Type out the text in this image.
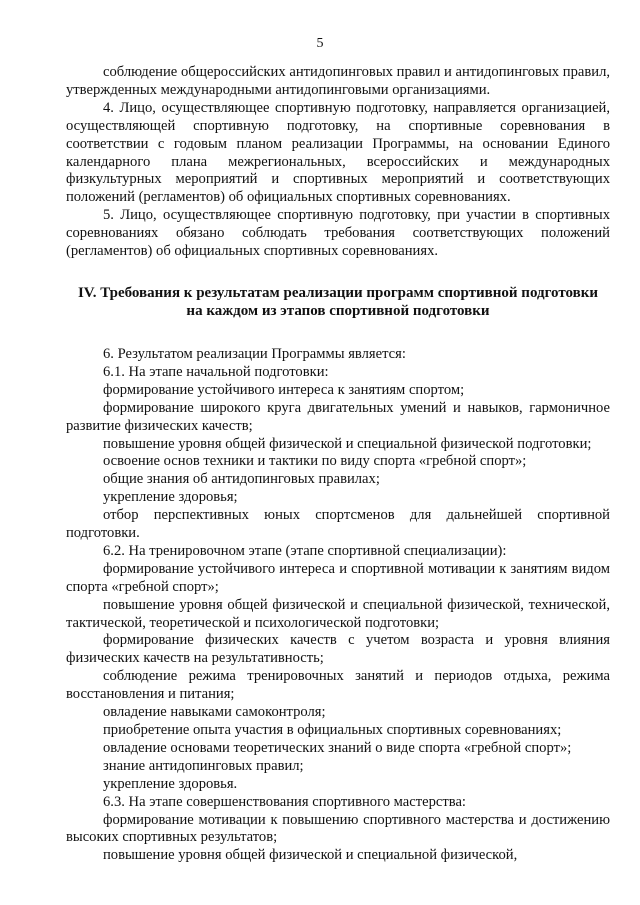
5

соблюдение общероссийских антидопинговых правил и антидопинговых правил, утвержденных международными антидопинговыми организациями.

4. Лицо, осуществляющее спортивную подготовку, направляется организацией, осуществляющей спортивную подготовку, на спортивные соревнования в соответствии с годовым планом реализации Программы, на основании Единого календарного плана межрегиональных, всероссийских и международных физкультурных мероприятий и спортивных мероприятий и соответствующих положений (регламентов) об официальных спортивных соревнованиях.

5. Лицо, осуществляющее спортивную подготовку, при участии в спортивных соревнованиях обязано соблюдать требования соответствующих положений (регламентов) об официальных спортивных соревнованиях.

IV. Требования к результатам реализации программ спортивной подготовки
на каждом из этапов спортивной подготовки

6. Результатом реализации Программы является:

6.1. На этапе начальной подготовки:

формирование устойчивого интереса к занятиям спортом;

формирование широкого круга двигательных умений и навыков, гармоничное развитие физических качеств;

повышение уровня общей физической и специальной физической подготовки;

освоение основ техники и тактики по виду спорта «гребной спорт»;

общие знания об антидопинговых правилах;

укрепление здоровья;

отбор перспективных юных спортсменов для дальнейшей спортивной подготовки.

6.2. На тренировочном этапе (этапе спортивной специализации):

формирование устойчивого интереса и спортивной мотивации к занятиям видом спорта «гребной спорт»;

повышение уровня общей физической и специальной физической, технической, тактической, теоретической и психологической подготовки;

формирование физических качеств с учетом возраста и уровня влияния физических качеств на результативность;

соблюдение режима тренировочных занятий и периодов отдыха, режима восстановления и питания;

овладение навыками самоконтроля;

приобретение опыта участия в официальных спортивных соревнованиях;

овладение основами теоретических знаний о виде спорта «гребной спорт»;

знание антидопинговых правил;

укрепление здоровья.

6.3. На этапе совершенствования спортивного мастерства:

формирование мотивации к повышению спортивного мастерства и достижению высоких спортивных результатов;

повышение уровня общей физической и специальной физической,
